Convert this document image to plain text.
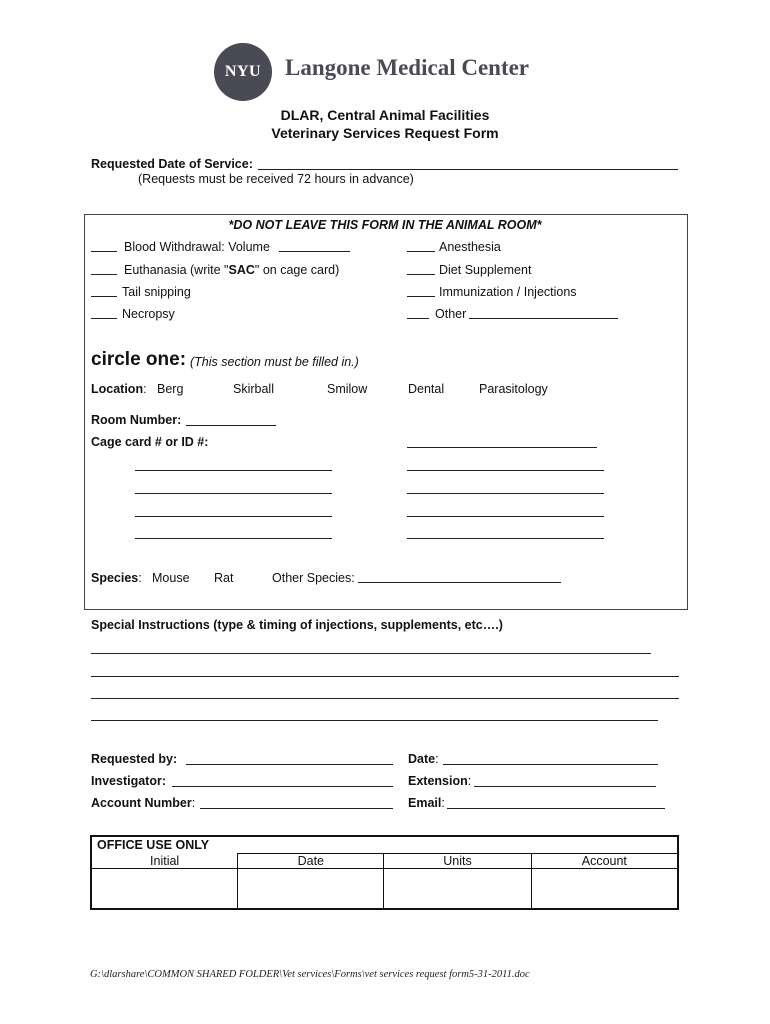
NYU	Langone Medical Center
DLAR, Central Animal Facilities
Veterinary Services Request Form
Requested Date of Service:
(Requests must be received 72 hours in advance)
*DO NOT LEAVE THIS FORM IN THE ANIMAL ROOM*
Blood Withdrawal: Volume
Euthanasia (write "SAC" on cage card)
Tail snipping
Necropsy
Anesthesia
Diet Supplement
Immunization / Injections
Other
circle one: (This section must be filled in.)
Location: Berg	Skirball	Smilow	Dental	Parasitology
Room Number:
Cage card # or ID #:
Species: Mouse Rat	Other Species:
Special Instructions (type & timing of injections, supplements, etc….)
Requested by:
Investigator:
Account Number:
Date:
Extension:
Email:
OFFICE USE ONLY			
Initial	Date	Units	Account

G:\dlarshare\COMMON SHARED FOLDER\Vet services\Forms\vet services request form5-31-2011.doc
